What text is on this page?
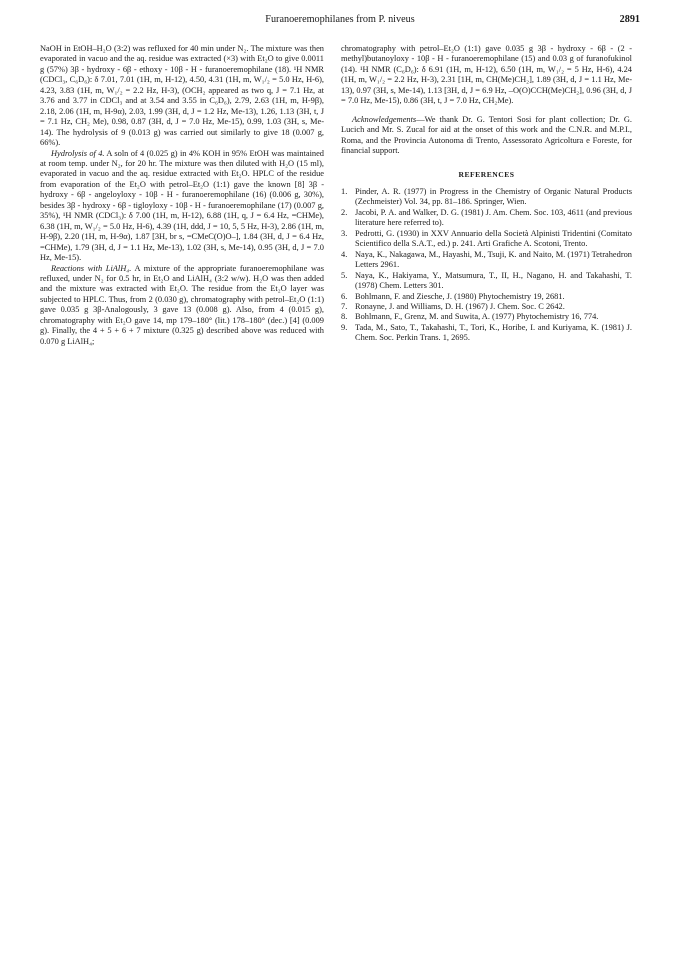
Furanoeremophilanes from P. niveus	2891

NaOH in EtOH–H₂O (3:2) was refluxed for 40 min under N₂. The mixture was then evaporated in vacuo and the aq. residue was extracted (×3) with Et₂O to give 0.0011 g (57%) 3β - hydroxy - 6β - ethoxy - 10β - H - furanoeremophilane (18). ¹H NMR (CDCl₃, C₆D₆): δ 7.01, 7.01 (1H, m, H-12), 4.50, 4.31 (1H, m, W₁/₂ = 5.0 Hz, H-6), 4.23, 3.83 (1H, m, W₁/₂ = 2.2 Hz, H-3), (OCH₂ appeared as two q, J = 7.1 Hz, at 3.76 and 3.77 in CDCl₃ and at 3.54 and 3.55 in C₆D₆), 2.79, 2.63 (1H, m, H-9β), 2.18, 2.06 (1H, m, H-9α), 2.03, 1.99 (3H, d, J = 1.2 Hz, Me-13), 1.26, 1.13 (3H, t, J = 7.1 Hz, CH₂ Me), 0.98, 0.87 (3H, d, J = 7.0 Hz, Me-15), 0.99, 1.03 (3H, s, Me-14). The hydrolysis of 9 (0.013 g) was carried out similarly to give 18 (0.007 g, 66%).

Hydrolysis of 4. A soln of 4 (0.025 g) in 4% KOH in 95% EtOH was maintained at room temp. under N₂, for 20 hr. The mixture was then diluted with H₂O (15 ml), evaporated in vacuo and the aq. residue extracted with Et₂O. HPLC of the residue from evaporation of the Et₂O with petrol–Et₂O (1:1) gave the known [8] 3β - hydroxy - 6β - angeloyloxy - 10β - H - furanoeremophilane (16) (0.006 g, 30%), besides 3β - hydroxy - 6β - tigloyloxy - 10β - H - furanoeremophilane (17) (0.007 g, 35%), ¹H NMR (CDCl₃): δ 7.00 (1H, m, H-12), 6.88 (1H, q, J = 6.4 Hz, =CHMe), 6.38 (1H, m, W₁/₂ = 5.0 Hz, H-6), 4.39 (1H, ddd, J = 10, 5, 5 Hz, H-3), 2.86 (1H, m, H-9β), 2.20 (1H, m, H-9α), 1.87 [3H, br s, =CMeC(O)O–], 1.84 (3H, d, J = 6.4 Hz, =CHMe), 1.79 (3H, d, J = 1.1 Hz, Me-13), 1.02 (3H, s, Me-14), 0.95 (3H, d, J = 7.0 Hz, Me-15).

Reactions with LiAlH₄. A mixture of the appropriate furanoeremophilane was refluxed, under N₂ for 0.5 hr, in Et₂O and LiAlH₄ (3:2 w/w). H₂O was then added and the mixture was extracted with Et₂O. The residue from the Et₂O layer was subjected to HPLC. Thus, from 2 (0.030 g), chromatography with petrol–Et₂O (1:1) gave 0.035 g 3β-Analogously, 3 gave 13 (0.008 g). Also, from 4 (0.015 g), chromatography with Et₂O gave 14, mp 179–180° (lit.) 178–180° (dec.) [4] (0.009 g). Finally, the 4 + 5 + 6 + 7 mixture (0.325 g) described above was reduced with 0.070 g LiAlH₄;

chromatography with petrol–Et₂O (1:1) gave 0.035 g 3β - hydroxy - 6β - (2 - methyl)butanoyloxy - 10β - H - furanoeremophilane (15) and 0.03 g of furanofukinol (14). ¹H NMR (C₆D₆): δ 6.91 (1H, m, H-12), 6.50 (1H, m, W₁/₂ = 5 Hz, H-6), 4.24 (1H, m, W₁/₂ = 2.2 Hz, H-3), 2.31 [1H, m, CH(Me)CH₂], 1.89 (3H, d, J = 1.1 Hz, Me-13), 0.97 (3H, s, Me-14), 1.13 [3H, d, J = 6.9 Hz, –O(O)CCH(Me)CH₂], 0.96 (3H, d, J = 7.0 Hz, Me-15), 0.86 (3H, t, J = 7.0 Hz, CH₂Me).

Acknowledgements—We thank Dr. G. Tentori Sosi for plant collection; Dr. G. Lucich and Mr. S. Zucal for aid at the onset of this work and the C.N.R. and M.P.I., Roma, and the Provincia Autonoma di Trento, Assessorato Agricoltura e Foreste, for financial support.

REFERENCES
1. Pinder, A. R. (1977) in Progress in the Chemistry of Organic Natural Products (Zechmeister) Vol. 34, pp. 81–186. Springer, Wien.
2. Jacobi, P. A. and Walker, D. G. (1981) J. Am. Chem. Soc. 103, 4611 (and previous literature here referred to).
3. Pedrotti, G. (1930) in XXV Annuario della Società Alpinisti Tridentini (Comitato Scientifico della S.A.T., ed.) p. 241. Arti Grafiche A. Scotoni, Trento.
4. Naya, K., Nakagawa, M., Hayashi, M., Tsuji, K. and Naito, M. (1971) Tetrahedron Letters 2961.
5. Naya, K., Hakiyama, Y., Matsumura, T., II, H., Nagano, H. and Takahashi, T. (1978) Chem. Letters 301.
6. Bohlmann, F. and Ziesche, J. (1980) Phytochemistry 19, 2681.
7. Ronayne, J. and Williams, D. H. (1967) J. Chem. Soc. C 2642.
8. Bohlmann, F., Grenz, M. and Suwita, A. (1977) Phytochemistry 16, 774.
9. Tada, M., Sato, T., Takahashi, T., Tori, K., Horibe, I. and Kuriyama, K. (1981) J. Chem. Soc. Perkin Trans. 1, 2695.
